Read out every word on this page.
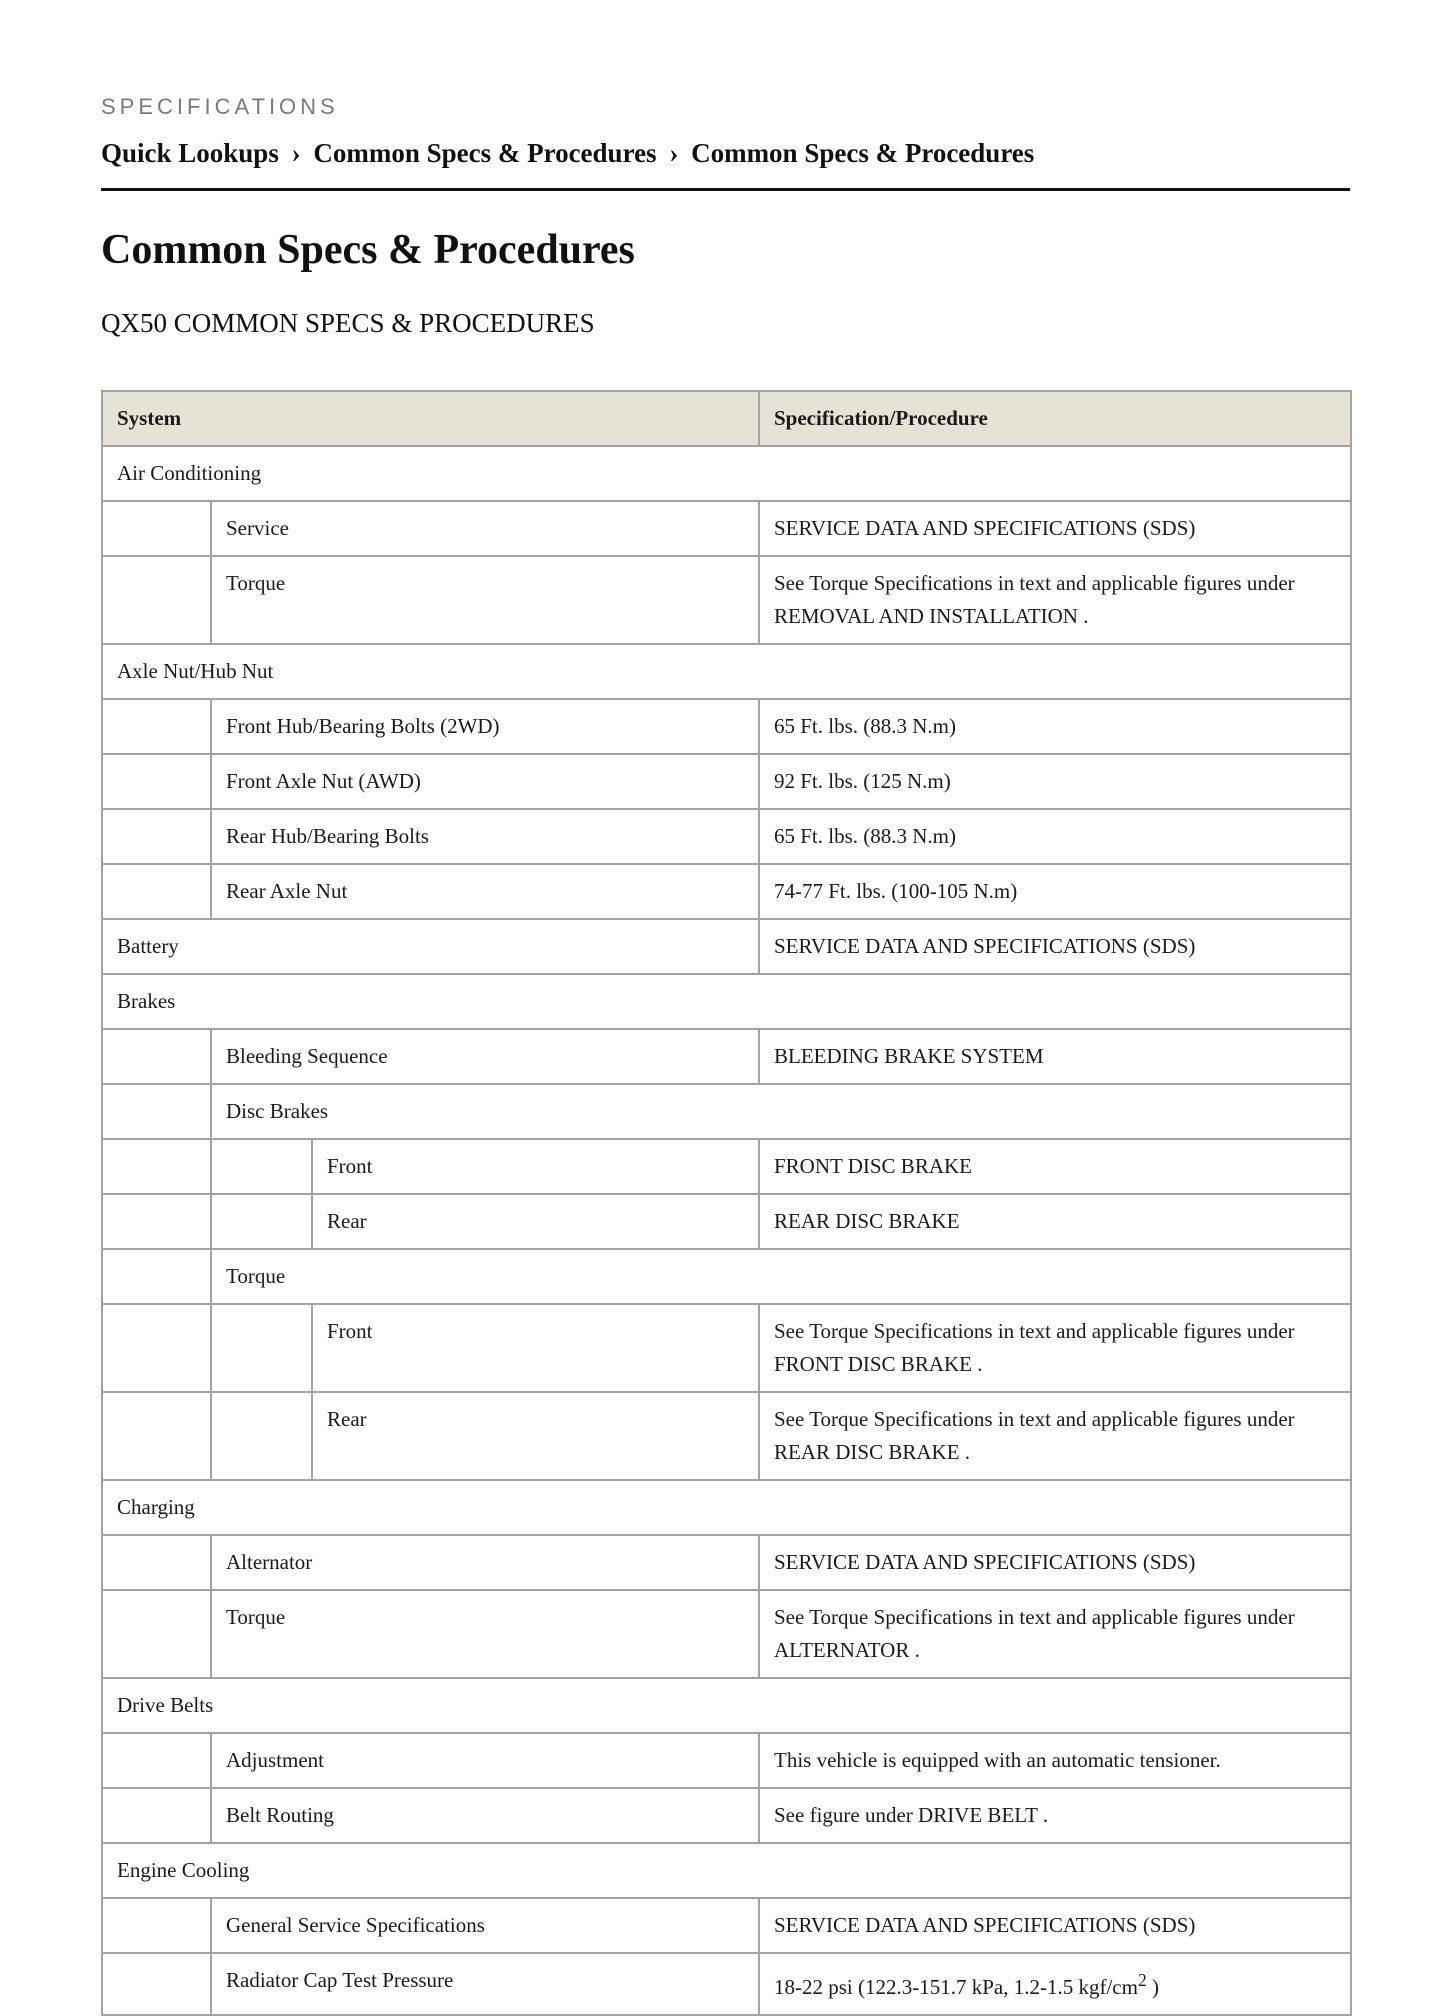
SPECIFICATIONS
Quick Lookups › Common Specs & Procedures › Common Specs & Procedures
Common Specs & Procedures
QX50 COMMON SPECS & PROCEDURES
System			Specification/Procedure
Air Conditioning			
	Service		SERVICE DATA AND SPECIFICATIONS (SDS)
	Torque		See Torque Specifications in text and applicable figures under REMOVAL AND INSTALLATION .
Axle Nut/Hub Nut			
	Front Hub/Bearing Bolts (2WD)		65 Ft. lbs. (88.3 N.m)
	Front Axle Nut (AWD)		92 Ft. lbs. (125 N.m)
	Rear Hub/Bearing Bolts		65 Ft. lbs. (88.3 N.m)
	Rear Axle Nut		74-77 Ft. lbs. (100-105 N.m)
Battery			SERVICE DATA AND SPECIFICATIONS (SDS)
Brakes			
	Bleeding Sequence		BLEEDING BRAKE SYSTEM
	Disc Brakes		
		Front	FRONT DISC BRAKE
		Rear	REAR DISC BRAKE
	Torque		
		Front	See Torque Specifications in text and applicable figures under FRONT DISC BRAKE .
		Rear	See Torque Specifications in text and applicable figures under REAR DISC BRAKE .
Charging			
	Alternator		SERVICE DATA AND SPECIFICATIONS (SDS)
	Torque		See Torque Specifications in text and applicable figures under ALTERNATOR .
Drive Belts			
	Adjustment		This vehicle is equipped with an automatic tensioner.
	Belt Routing		See figure under DRIVE BELT .
Engine Cooling			
	General Service Specifications		SERVICE DATA AND SPECIFICATIONS (SDS)
	Radiator Cap Test Pressure		18-22 psi (122.3-151.7 kPa, 1.2-1.5 kgf/$cm^2$ )
